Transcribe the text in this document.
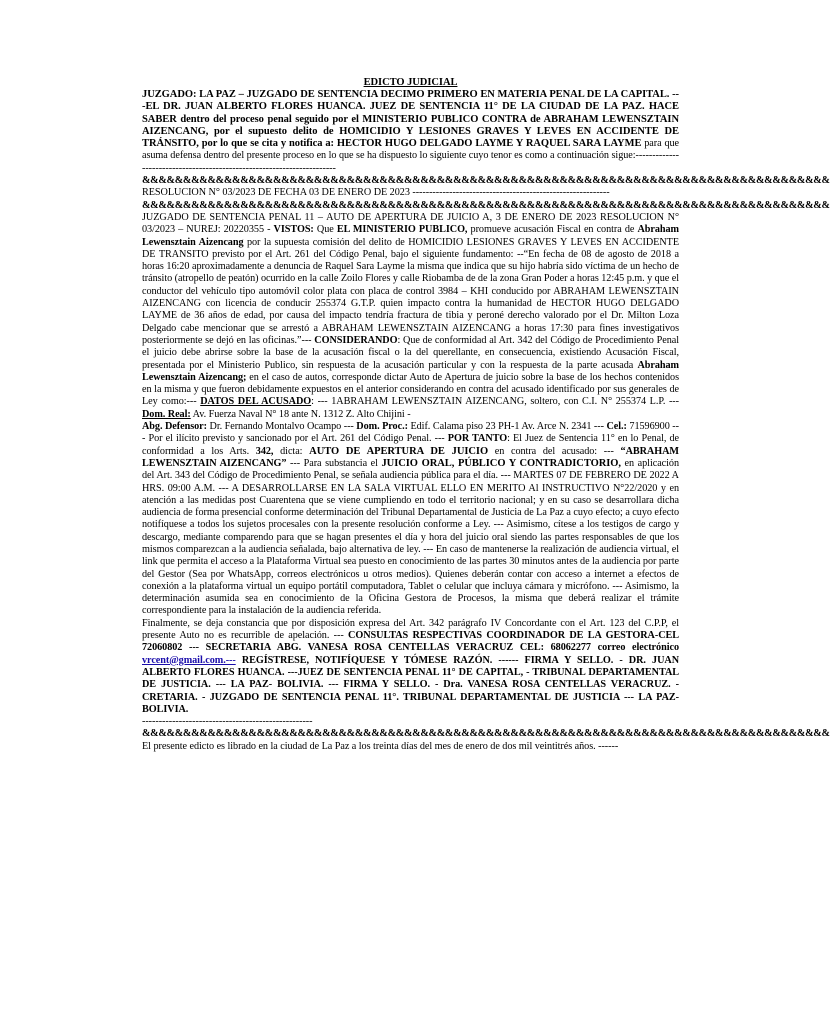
EDICTO JUDICIAL

JUZGADO: LA PAZ – JUZGADO DE SENTENCIA DECIMO PRIMERO EN MATERIA PENAL DE LA CAPITAL. ---EL DR. JUAN ALBERTO FLORES HUANCA. JUEZ DE SENTENCIA 11° DE LA CIUDAD DE LA PAZ. HACE SABER dentro del proceso penal seguido por el MINISTERIO PUBLICO CONTRA de ABRAHAM LEWENSZTAIN AIZENCANG, por el supuesto delito de HOMICIDIO Y LESIONES GRAVES Y LEVES EN ACCIDENTE DE TRÁNSITO, por lo que se cita y notifica a: HECTOR HUGO DELGADO LAYME Y RAQUEL SARA LAYME para que asuma defensa dentro del presente proceso en lo que se ha dispuesto lo siguiente cuyo tenor es como a continuación sigue:-----------------------------------------------------------------------

&&&&&&&&&&&&&&&&&&&&&&&&&&&&&&&&&&&&&&&&&&&&&&&&&&&&&&&&&&&&&&&&&&&&&&&&&&&&&&&&&&&&
RESOLUCION N° 03/2023 DE FECHA 03 DE ENERO DE 2023 -----------------------------------------------------------
&&&&&&&&&&&&&&&&&&&&&&&&&&&&&&&&&&&&&&&&&&&&&&&&&&&&&&&&&&&&&&&&&&&&&&&&&&&&&&&&&&&&

JUZGADO DE SENTENCIA PENAL 11 – AUTO DE APERTURA DE JUICIO A, 3 DE ENERO DE 2023 RESOLUCION N° 03/2023 – NUREJ: 20220355 - VISTOS: Que EL MINISTERIO PUBLICO, promueve acusación Fiscal en contra de Abraham Lewensztain Aizencang por la supuesta comisión del delito de HOMICIDIO LESIONES GRAVES Y LEVES EN ACCIDENTE DE TRANSITO previsto por el Art. 261 del Código Penal, bajo el siguiente fundamento: --“En fecha de 08 de agosto de 2018 a horas 16:20 aproximadamente a denuncia de Raquel Sara Layme la misma que indica que su hijo habría sido víctima de un hecho de tránsito (atropello de peatón) ocurrido en la calle Zoilo Flores y calle Riobamba de de la zona Gran Poder a horas 12:45 p.m. y que el conductor del vehículo tipo automóvil color plata con placa de control 3984 – KHI conducido por ABRAHAM LEWENSZTAIN AIZENCANG con licencia de conducir 255374 G.T.P. quien impacto contra la humanidad de HECTOR HUGO DELGADO LAYME de 36 años de edad, por causa del impacto tendría fractura de tibia y peroné derecho valorado por el Dr. Milton Loza Delgado cabe mencionar que se arrestó a ABRAHAM LEWENSZTAIN AIZENCANG a horas 17:30 para fines investigativos posteriormente se dejó en las oficinas.”--- CONSIDERANDO: Que de conformidad al Art. 342 del Código de Procedimiento Penal el juicio debe abrirse sobre la base de la acusación fiscal o la del querellante, en consecuencia, existiendo Acusación Fiscal, presentada por el Ministerio Publico, sin respuesta de la acusación particular y con la respuesta de la parte acusada Abraham Lewensztain Aizencang; en el caso de autos, corresponde dictar Auto de Apertura de juicio sobre la base de los hechos contenidos en la misma y que fueron debidamente expuestos en el anterior considerando en contra del acusado identificado por sus generales de Ley como:--- DATOS DEL ACUSADO: --- 1ABRAHAM LEWENSZTAIN AIZENCANG, soltero, con C.I. N° 255374 L.P. --- Dom. Real: Av. Fuerza Naval N° 18 ante N. 1312 Z. Alto Chijini -

Abg. Defensor: Dr. Fernando Montalvo Ocampo --- Dom. Proc.: Edif. Calama piso 23 PH-1 Av. Arce N. 2341 --- Cel.: 71596900 --- Por el ilícito previsto y sancionado por el Art. 261 del Código Penal. --- POR TANTO: El Juez de Sentencia 11° en lo Penal, de conformidad a los Arts. 342, dicta: AUTO DE APERTURA DE JUICIO en contra del acusado: --- “ABRAHAM LEWENSZTAIN AIZENCANG” --- Para substancia el JUICIO ORAL, PÚBLICO Y CONTRADICTORIO, en aplicación del Art. 343 del Código de Procedimiento Penal, se señala audiencia pública para el día. --- MARTES 07 DE FEBRERO DE 2022 A HRS. 09:00 A.M. --- A DESARROLLARSE EN LA SALA VIRTUAL ELLO EN MERITO Al INSTRUCTIVO N°22/2020 y en atención a las medidas post Cuarentena que se viene cumpliendo en todo el territorio nacional; y en su caso se desarrollara dicha audiencia de forma presencial conforme determinación del Tribunal Departamental de Justicia de La Paz a cuyo efecto; a cuyo efecto notifíquese a todos los sujetos procesales con la presente resolución conforme a Ley. --- Asimismo, cítese a los testigos de cargo y descargo, mediante comparendo para que se hagan presentes el día y hora del juicio oral siendo las partes responsables de que los mismos comparezcan a la audiencia señalada, bajo alternativa de ley. --- En caso de mantenerse la realización de audiencia virtual, el link que permita el acceso a la Plataforma Virtual sea puesto en conocimiento de las partes 30 minutos antes de la audiencia por parte del Gestor (Sea por WhatsApp, correos electrónicos u otros medios). Quienes deberán contar con acceso a internet a efectos de conexión a la plataforma virtual un equipo portátil computadora, Tablet o celular que incluya cámara y micrófono. --- Asimismo, la determinación asumida sea en conocimiento de la Oficina Gestora de Procesos, la misma que deberá realizar el trámite correspondiente para la instalación de la audiencia referida.

Finalmente, se deja constancia que por disposición expresa del Art. 342 parágrafo IV Concordante con el Art. 123 del C.P.P, el presente Auto no es recurrible de apelación. --- CONSULTAS RESPECTIVAS COORDINADOR DE LA GESTORA-CEL 72060802 --- SECRETARIA ABG. VANESA ROSA CENTELLAS VERACRUZ CEL: 68062277 correo electrónico vrcent@gmail.com.--- REGÍSTRESE, NOTIFÍQUESE Y TÓMESE RAZÓN. ------ FIRMA Y SELLO. - DR. JUAN ALBERTO FLORES HUANCA. ---JUEZ DE SENTENCIA PENAL 11° DE CAPITAL, - TRIBUNAL DEPARTAMENTAL DE JUSTICIA. --- LA PAZ- BOLIVIA. --- FIRMA Y SELLO. - Dra. VANESA ROSA CENTELLAS VERACRUZ. - CRETARIA. - JUZGADO DE SENTENCIA PENAL 11°. TRIBUNAL DEPARTAMENTAL DE JUSTICIA --- LA PAZ- BOLIVIA.

---------------------------------------------------
&&&&&&&&&&&&&&&&&&&&&&&&&&&&&&&&&&&&&&&&&&&&&&&&&&&&&&&&&&&&&&&&&&&&&&&&&&&&&&&&&&&&
El presente edicto es librado en la ciudad de La Paz a los treinta días del mes de enero de dos mil veintitrés años. ------
